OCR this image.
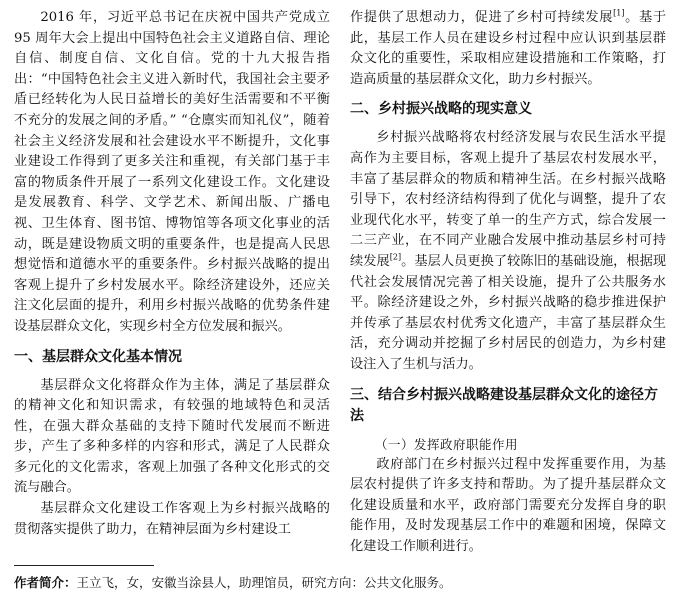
2016 年，习近平总书记在庆祝中国共产党成立 95 周年大会上提出中国特色社会主义道路自信、理论自信、制度自信、文化自信。党的十九大报告指出：“中国特色社会主义进入新时代，我国社会主要矛盾已经转化为人民日益增长的美好生活需要和不平衡不充分的发展之间的矛盾。” “仓廪实而知礼仪”，随着社会主义经济发展和社会建设水平不断提升，文化事业建设工作得到了更多关注和重视，有关部门基于丰富的物质条件开展了一系列文化建设工作。文化建设是发展教育、科学、文学艺术、新闻出版、广播电视、卫生体育、图书馆、博物馆等各项文化事业的活动，既是建设物质文明的重要条件，也是提高人民思想觉悟和道德水平的重要条件。乡村振兴战略的提出客观上提升了乡村发展水平。除经济建设外，还应关注文化层面的提升，利用乡村振兴战略的优势条件建设基层群众文化，实现乡村全方位发展和振兴。

一、基层群众文化基本情况

基层群众文化将群众作为主体，满足了基层群众的精神文化和知识需求，有较强的地域特色和灵活性，在强大群众基础的支持下随时代发展而不断进步，产生了多种多样的内容和形式，满足了人民群众多元化的文化需求，客观上加强了各种文化形式的交流与融合。

基层群众文化建设工作客观上为乡村振兴战略的贯彻落实提供了助力，在精神层面为乡村建设工

作提供了思想动力，促进了乡村可持续发展[1]。基于此，基层工作人员在建设乡村过程中应认识到基层群众文化的重要性，采取相应建设措施和工作策略，打造高质量的基层群众文化，助力乡村振兴。

二、乡村振兴战略的现实意义

乡村振兴战略将农村经济发展与农民生活水平提高作为主要目标，客观上提升了基层农村发展水平，丰富了基层群众的物质和精神生活。在乡村振兴战略引导下，农村经济结构得到了优化与调整，提升了农业现代化水平，转变了单一的生产方式，综合发展一二三产业，在不同产业融合发展中推动基层乡村可持续发展[2]。基层人员更换了较陈旧的基础设施，根据现代社会发展情况完善了相关设施，提升了公共服务水平。除经济建设之外，乡村振兴战略的稳步推进保护并传承了基层农村优秀文化遗产，丰富了基层群众生活，充分调动并挖掘了乡村居民的创造力，为乡村建设注入了生机与活力。

三、结合乡村振兴战略建设基层群众文化的途径方法
（一）发挥政府职能作用

政府部门在乡村振兴过程中发挥重要作用，为基层农村提供了许多支持和帮助。为了提升基层群众文化建设质量和水平，政府部门需要充分发挥自身的职能作用，及时发现基层工作中的难题和困境，保障文化建设工作顺利进行。

作者简介：王立飞，女，安徽当涂县人，助理馆员，研究方向：公共文化服务。
